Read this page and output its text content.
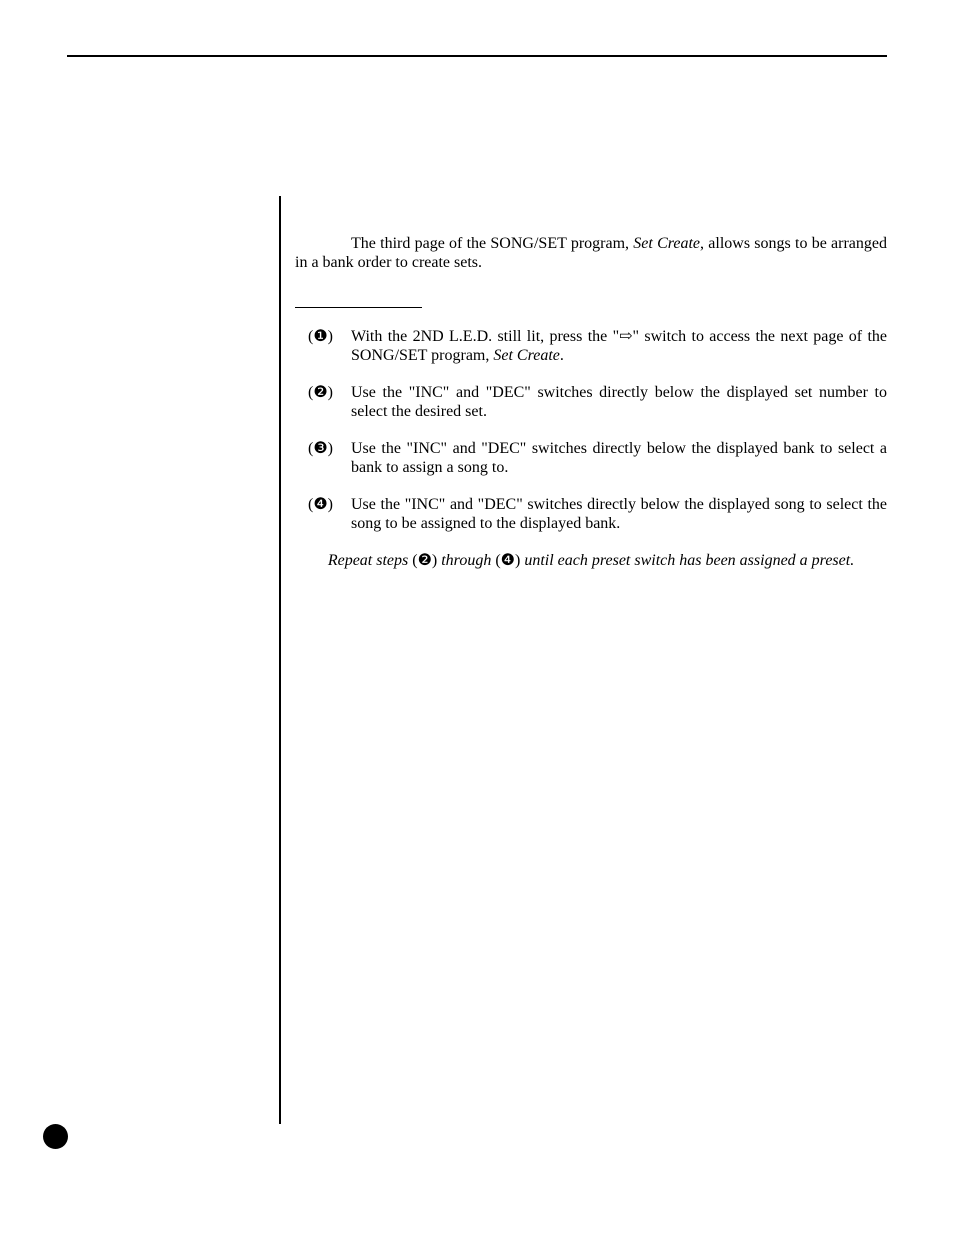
The third page of the SONG/SET program, Set Create, allows songs to be arranged in a bank order to create sets.

(❶)	With the 2ND L.E.D. still lit, press the "⇨" switch to access the next page of the SONG/SET program, Set Create.
(❷)	Use the "INC" and "DEC" switches directly below the displayed set number to select the desired set.
(❸)	Use the "INC" and "DEC" switches directly below the displayed bank to select a bank to assign a song to.
(❹)	Use the "INC" and "DEC" switches directly below the displayed song to select the song to be assigned to the displayed bank.

Repeat steps (❷) through (❹) until each preset switch has been assigned a preset.
